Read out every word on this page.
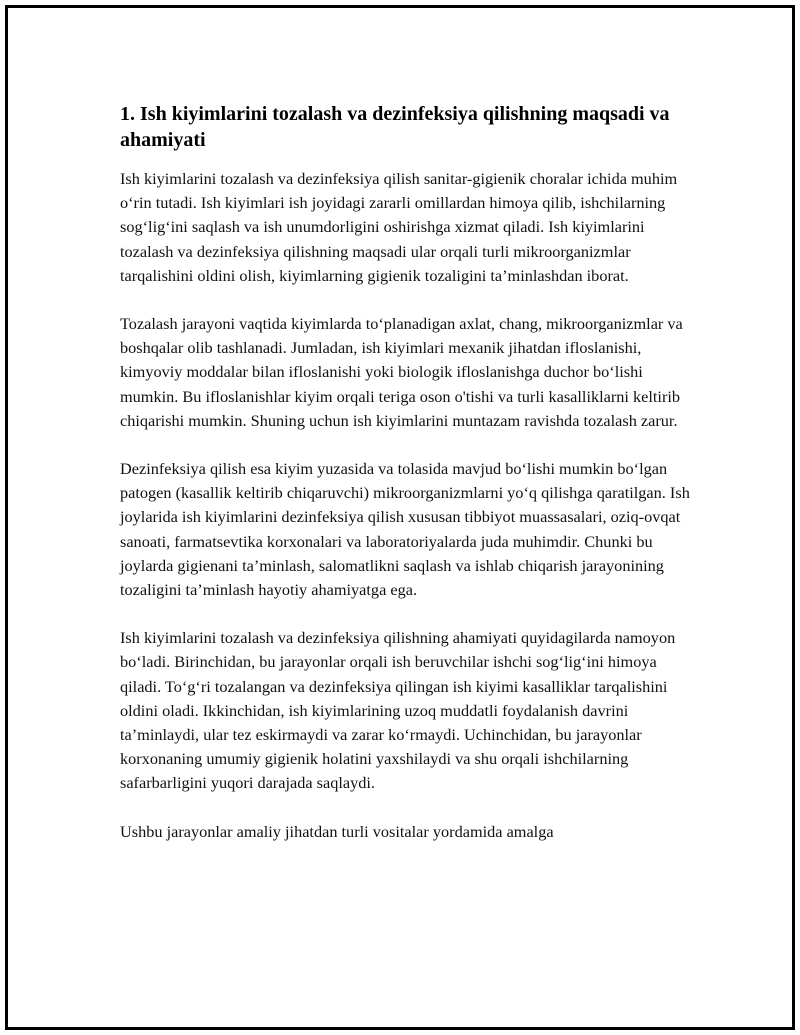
1. Ish kiyimlarini tozalash va dezinfeksiya qilishning maqsadi va ahamiyati

Ish kiyimlarini tozalash va dezinfeksiya qilish sanitar-gigienik choralar ichida muhim o‘rin tutadi. Ish kiyimlari ish joyidagi zararli omillardan himoya qilib, ishchilarning sog‘lig‘ini saqlash va ish unumdorligini oshirishga xizmat qiladi. Ish kiyimlarini tozalash va dezinfeksiya qilishning maqsadi ular orqali turli mikroorganizmlar tarqalishini oldini olish, kiyimlarning gigienik tozaligini ta’minlashdan iborat.

Tozalash jarayoni vaqtida kiyimlarda to‘planadigan axlat, chang, mikroorganizmlar va boshqalar olib tashlanadi. Jumladan, ish kiyimlari mexanik jihatdan ifloslanishi, kimyoviy moddalar bilan ifloslanishi yoki biologik ifloslanishga duchor bo‘lishi mumkin. Bu ifloslanishlar kiyim orqali teriga oson o'tishi va turli kasalliklarni keltirib chiqarishi mumkin. Shuning uchun ish kiyimlarini muntazam ravishda tozalash zarur.

Dezinfeksiya qilish esa kiyim yuzasida va tolasida mavjud bo‘lishi mumkin bo‘lgan patogen (kasallik keltirib chiqaruvchi) mikroorganizmlarni yo‘q qilishga qaratilgan. Ish joylarida ish kiyimlarini dezinfeksiya qilish xususan tibbiyot muassasalari, oziq-ovqat sanoati, farmatsevtika korxonalari va laboratoriyalarda juda muhimdir. Chunki bu joylarda gigienani ta’minlash, salomatlikni saqlash va ishlab chiqarish jarayonining tozaligini ta’minlash hayotiy ahamiyatga ega.

Ish kiyimlarini tozalash va dezinfeksiya qilishning ahamiyati quyidagilarda namoyon bo‘ladi. Birinchidan, bu jarayonlar orqali ish beruvchilar ishchi sog‘lig‘ini himoya qiladi. To‘g‘ri tozalangan va dezinfeksiya qilingan ish kiyimi kasalliklar tarqalishini oldini oladi. Ikkinchidan, ish kiyimlarining uzoq muddatli foydalanish davrini ta’minlaydi, ular tez eskirmaydi va zarar ko‘rmaydi. Uchinchidan, bu jarayonlar korxonaning umumiy gigienik holatini yaxshilaydi va shu orqali ishchilarning safarbarligini yuqori darajada saqlaydi.

Ushbu jarayonlar amaliy jihatdan turli vositalar yordamida amalga
